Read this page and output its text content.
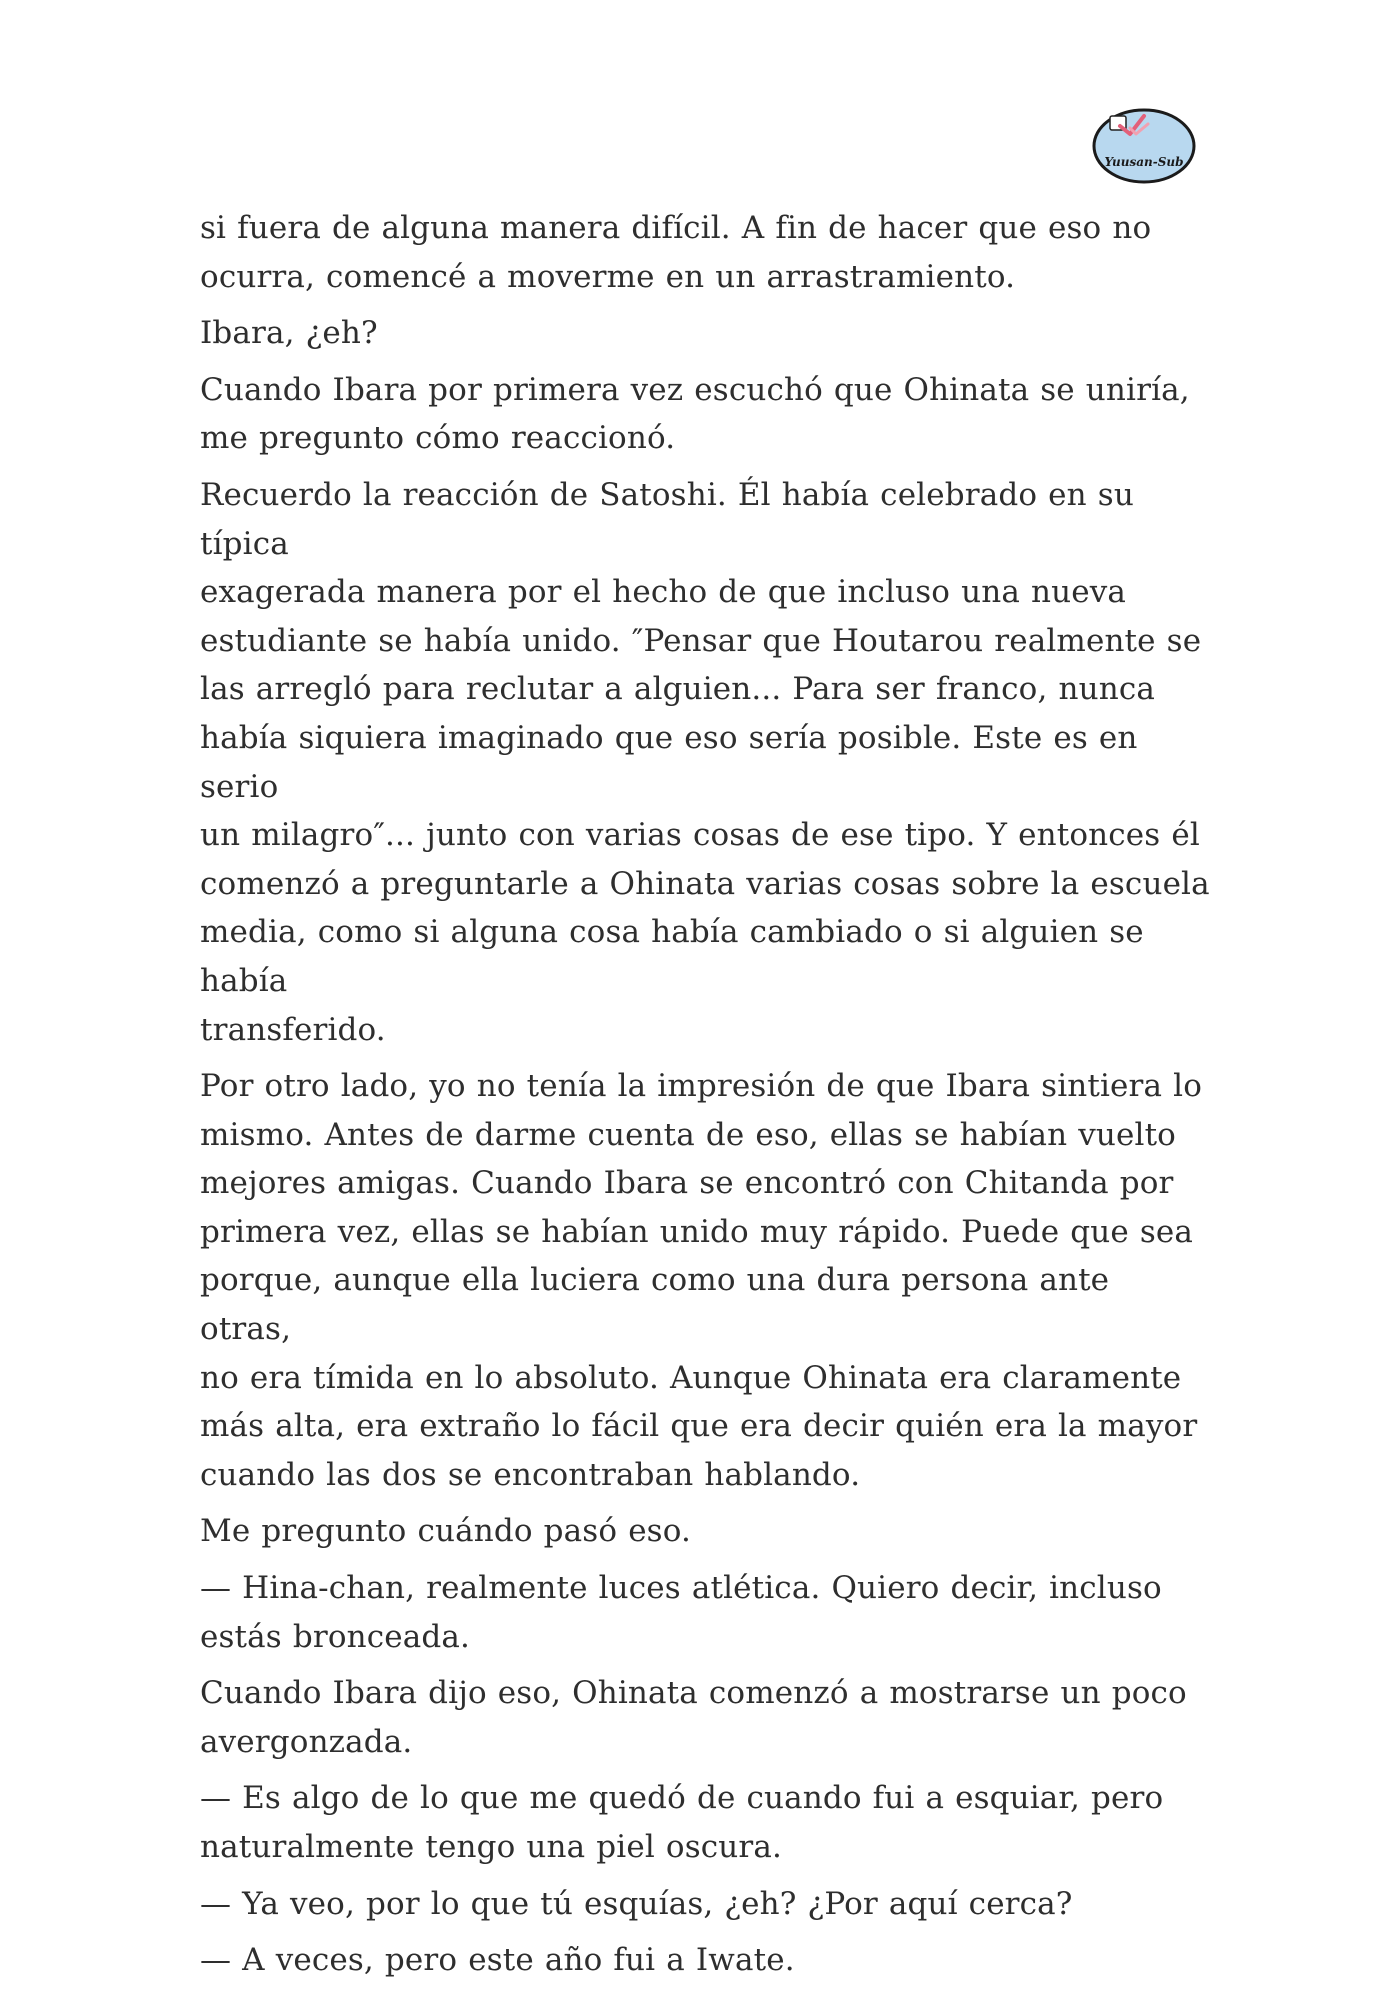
Yuusan-Sub

si fuera de alguna manera difícil. A fin de hacer que eso no
ocurra, comencé a moverme en un arrastramiento.

Ibara, ¿eh?

Cuando Ibara por primera vez escuchó que Ohinata se uniría,
me pregunto cómo reaccionó.

Recuerdo la reacción de Satoshi. Él había celebrado en su típica
exagerada manera por el hecho de que incluso una nueva
estudiante se había unido. ″Pensar que Houtarou realmente se
las arregló para reclutar a alguien... Para ser franco, nunca
había siquiera imaginado que eso sería posible. Este es en serio
un milagro″... junto con varias cosas de ese tipo. Y entonces él
comenzó a preguntarle a Ohinata varias cosas sobre la escuela
media, como si alguna cosa había cambiado o si alguien se había
transferido.

Por otro lado, yo no tenía la impresión de que Ibara sintiera lo
mismo. Antes de darme cuenta de eso, ellas se habían vuelto
mejores amigas. Cuando Ibara se encontró con Chitanda por
primera vez, ellas se habían unido muy rápido. Puede que sea
porque, aunque ella luciera como una dura persona ante otras,
no era tímida en lo absoluto. Aunque Ohinata era claramente
más alta, era extraño lo fácil que era decir quién era la mayor
cuando las dos se encontraban hablando.

Me pregunto cuándo pasó eso.

— Hina-chan, realmente luces atlética. Quiero decir, incluso
estás bronceada.

Cuando Ibara dijo eso, Ohinata comenzó a mostrarse un poco
avergonzada.

— Es algo de lo que me quedó de cuando fui a esquiar, pero
naturalmente tengo una piel oscura.

— Ya veo, por lo que tú esquías, ¿eh? ¿Por aquí cerca?

— A veces, pero este año fui a Iwate.
